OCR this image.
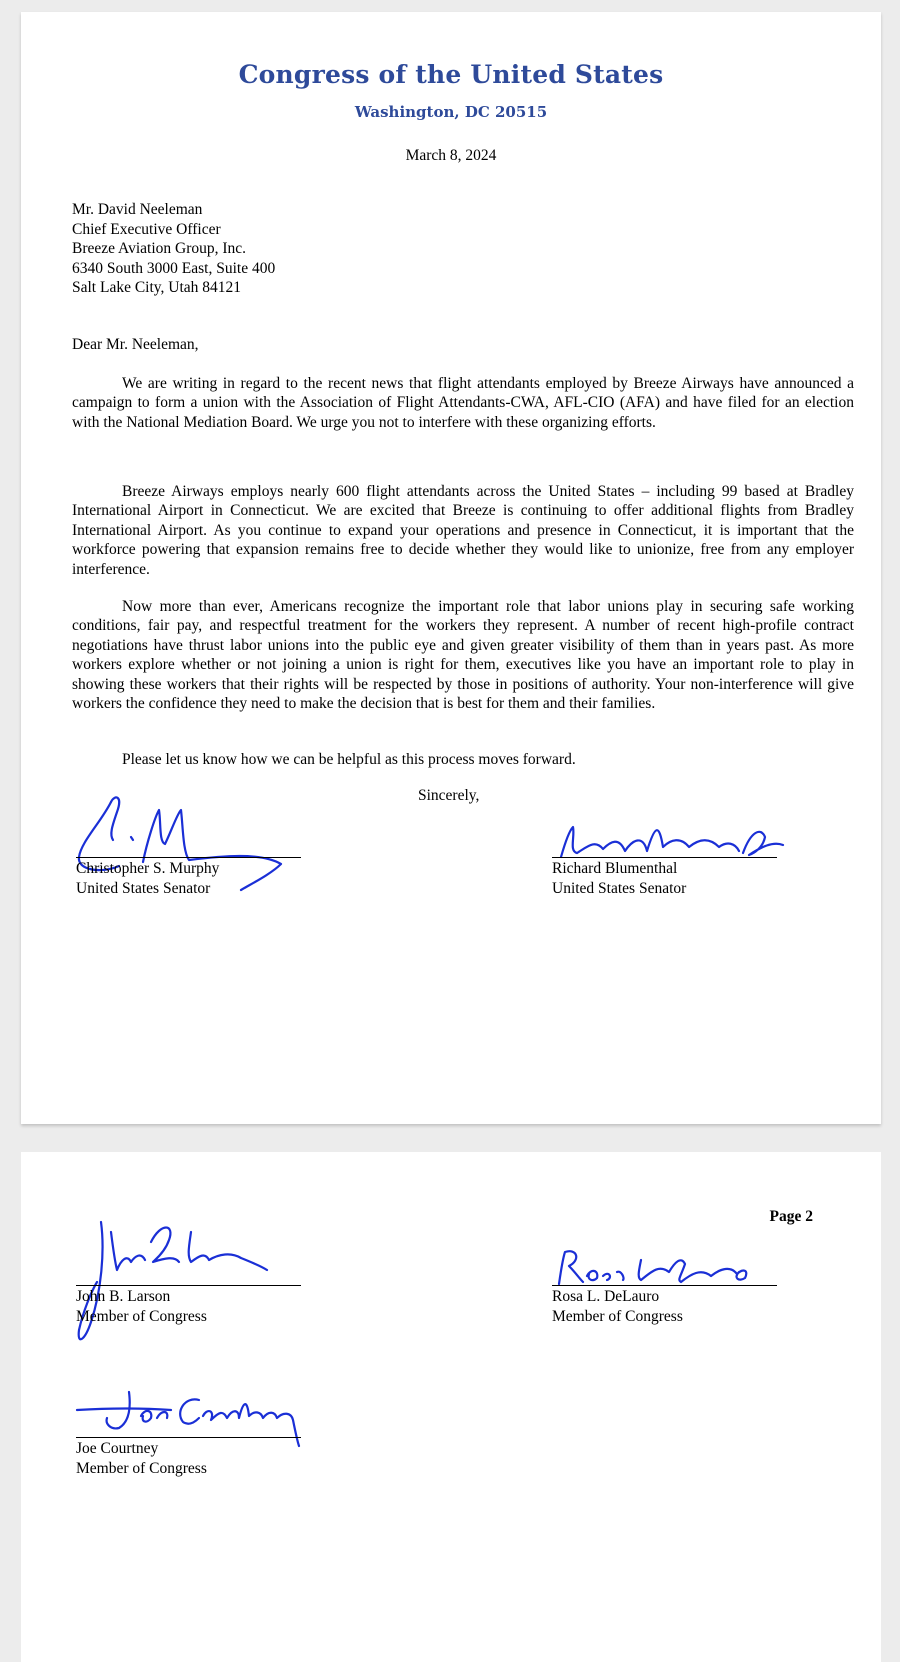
Congress of the United States
Washington, DC 20515
March 8, 2024
Mr. David Neeleman
Chief Executive Officer
Breeze Aviation Group, Inc.
6340 South 3000 East, Suite 400
Salt Lake City, Utah 84121
Dear Mr. Neeleman,

We are writing in regard to the recent news that flight attendants employed by Breeze Airways have announced a campaign to form a union with the Association of Flight Attendants-CWA, AFL-CIO (AFA) and have filed for an election with the National Mediation Board. We urge you not to interfere with these organizing efforts.

Breeze Airways employs nearly 600 flight attendants across the United States – including 99 based at Bradley International Airport in Connecticut. We are excited that Breeze is continuing to offer additional flights from Bradley International Airport. As you continue to expand your operations and presence in Connecticut, it is important that the workforce powering that expansion remains free to decide whether they would like to unionize, free from any employer interference.

Now more than ever, Americans recognize the important role that labor unions play in securing safe working conditions, fair pay, and respectful treatment for the workers they represent. A number of recent high-profile contract negotiations have thrust labor unions into the public eye and given greater visibility of them than in years past. As more workers explore whether or not joining a union is right for them, executives like you have an important role to play in showing these workers that their rights will be respected by those in positions of authority. Your non-interference will give workers the confidence they need to make the decision that is best for them and their families.

Please let us know how we can be helpful as this process moves forward.

Sincerely,
Christopher S. Murphy
United States Senator
Richard Blumenthal
United States Senator
Page 2
John B. Larson
Member of Congress
Rosa L. DeLauro
Member of Congress
Joe Courtney
Member of Congress
